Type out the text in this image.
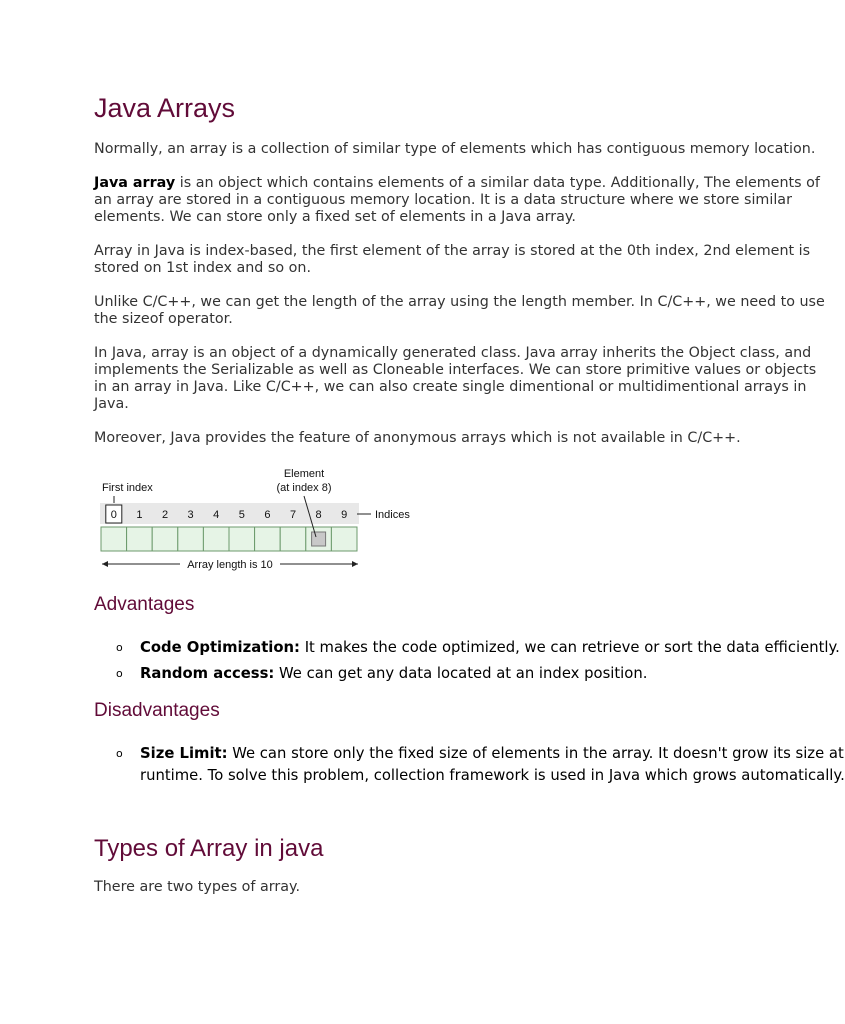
Java Arrays

Normally, an array is a collection of similar type of elements which has contiguous memory location.

Java array is an object which contains elements of a similar data type. Additionally, The elements of
an array are stored in a contiguous memory location. It is a data structure where we store similar
elements. We can store only a fixed set of elements in a Java array.

Array in Java is index-based, the first element of the array is stored at the 0th index, 2nd element is
stored on 1st index and so on.

Unlike C/C++, we can get the length of the array using the length member. In C/C++, we need to use
the sizeof operator.

In Java, array is an object of a dynamically generated class. Java array inherits the Object class, and
implements the Serializable as well as Cloneable interfaces. We can store primitive values or objects
in an array in Java. Like C/C++, we can also create single dimentional or multidimentional arrays in
Java.

Moreover, Java provides the feature of anonymous arrays which is not available in C/C++.

Advantages
o Code Optimization: It makes the code optimized, we can retrieve or sort the data efficiently.
o Random access: We can get any data located at an index position.
Disadvantages
o Size Limit: We can store only the fixed size of elements in the array. It doesn't grow its size at
runtime. To solve this problem, collection framework is used in Java which grows automatically.
Types of Array in java

There are two types of array.

Element
(at index 8)
First index
0 1 2 3 4 5 6 7 8 9	Indices
Array length is 10
